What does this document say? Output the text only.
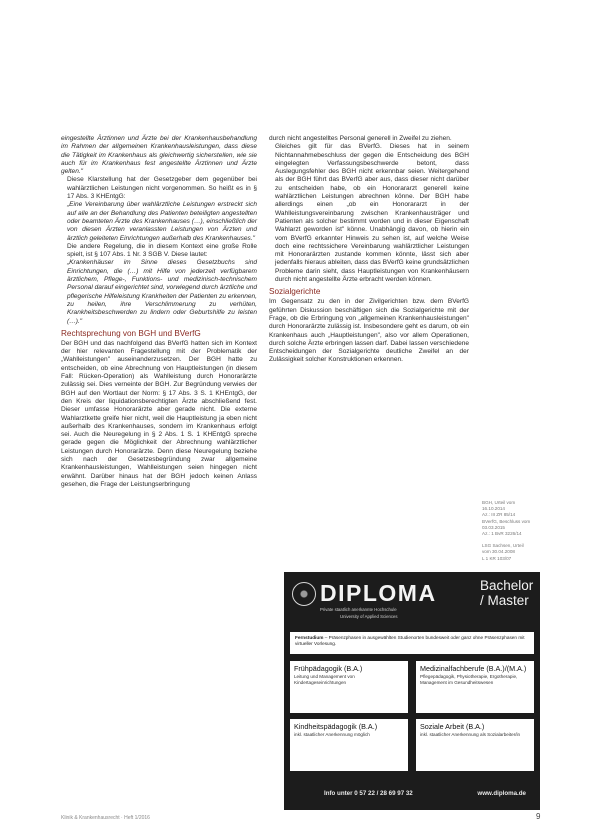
eingestellte Ärztinnen und Ärzte bei der Krankenhausbehandlung im Rahmen der allgemeinen Krankenhausleistungen, dass diese die Tätigkeit im Krankenhaus als gleichwertig sicherstellen, wie sie auch für im Krankenhaus fest angestellte Ärztinnen und Ärzte gelten."

Diese Klarstellung hat der Gesetzgeber dem gegenüber bei wahlärztlichen Leistungen nicht vorgenommen. So heißt es in § 17 Abs. 3 KHEntgG:

„Eine Vereinbarung über wahlärztliche Leistungen erstreckt sich auf alle an der Behandlung des Patienten beteiligten angestellten oder beamteten Ärzte des Krankenhauses (…), einschließlich der von diesen Ärzten veranlassten Leistungen von Ärzten und ärztlich geleiteten Einrichtungen außerhalb des Krankenhauses."

Die andere Regelung, die in diesem Kontext eine große Rolle spielt, ist § 107 Abs. 1 Nr. 3 SGB V. Diese lautet:

„Krankenhäuser im Sinne dieses Gesetzbuchs sind Einrichtungen, die (…) mit Hilfe von jederzeit verfügbarem ärztlichem, Pflege-, Funktions- und medizinisch-technischem Personal darauf eingerichtet sind, vorwiegend durch ärztliche und pflegerische Hilfeleistung Krankheiten der Patienten zu erkennen, zu heilen, ihre Verschlimmerung zu verhüten, Krankheitsbeschwerden zu lindern oder Geburtshilfe zu leisten (…)."

Rechtsprechung von BGH und BVerfG

Der BGH und das nachfolgend das BVerfG hatten sich im Kontext der hier relevanten Fragestellung mit der Problematik der „Wahlleistungen" auseinanderzusetzen. Der BGH hatte zu entscheiden, ob eine Abrechnung von Hauptleistungen (in diesem Fall: Rücken-Operation) als Wahlleistung durch Honorarärzte zulässig sei. Dies verneinte der BGH. Zur Begründung verwies der BGH auf den Wortlaut der Norm: § 17 Abs. 3 S. 1 KHEntgG, der den Kreis der liquidationsberechtigten Ärzte abschließend fest. Dieser umfasse Honorarärzte aber gerade nicht. Die externe Wahlarztkette greife hier nicht, weil die Hauptleistung ja eben nicht außerhalb des Krankenhauses, sondern im Krankenhaus erfolgt sei. Auch die Neuregelung in § 2 Abs. 1 S. 1 KHEntgG spreche gerade gegen die Möglichkeit der Abrechnung wahlärztlicher Leistungen durch Honorarärzte. Denn diese Neuregelung beziehe sich nach der Gesetzesbegründung zwar allgemeine Krankenhausleistungen, Wahlleistungen seien hingegen nicht erwähnt. Darüber hinaus hat der BGH jedoch keinen Anlass gesehen, die Frage der Leistungserbringung

durch nicht angestelltes Personal generell in Zweifel zu ziehen.

Gleiches gilt für das BVerfG. Dieses hat in seinem Nichtannahmebeschluss der gegen die Entscheidung des BGH eingelegten Verfassungsbeschwerde betont, dass Auslegungsfehler des BGH nicht erkennbar seien. Weitergehend als der BGH führt das BVerfG aber aus, dass dieser nicht darüber zu entscheiden habe, ob ein Honorararzt generell keine wahlärztlichen Leistungen abrechnen könne. Der BGH habe allerdings einen „ob ein Honorararzt in der Wahlleistungsvereinbarung zwischen Krankenhausträger und Patienten als solcher bestimmt worden und in dieser Eigenschaft Wahlarzt geworden ist" könne. Unabhängig davon, ob hierin ein vom BVerfG erkannter Hinweis zu sehen ist, auf welche Weise doch eine rechtssichere Vereinbarung wahlärztlicher Leistungen mit Honorarärzten zustande kommen könnte, lässt sich aber jedenfalls hieraus ableiten, dass das BVerfG keine grundsätzlichen Probleme darin sieht, dass Hauptleistungen von Krankenhäusern durch nicht angestellte Ärzte erbracht werden können.

Sozialgerichte

Im Gegensatz zu den in der Zivilgerichten bzw. dem BVerfG geführten Diskussion beschäftigen sich die Sozialgerichte mit der Frage, ob die Erbringung von „allgemeinen Krankenhausleistungen" durch Honorarärzte zulässig ist. Insbesondere geht es darum, ob ein Krankenhaus auch „Hauptleistungen", also vor allem Operationen, durch solche Ärzte erbringen lassen darf. Dabei lassen verschiedene Entscheidungen der Sozialgerichte deutliche Zweifel an der Zulässigkeit solcher Konstruktionen erkennen.

BGH, Urteil vom

16.10.2014

Az.: III ZR 85/14

BVerfG, Beschluss vom

03.03.2015

Az.: 1 BvR 3226/14

LSG Sachsen, Urteil

vom 30.04.2008

L 1 KR 103/07

DIPLOMA
Private staatlich anerkannte Hochschule
University of Applied Sciences
Bachelor / Master
Fernstudium – Präsenzphasen in ausgewählten Studienorten bundesweit oder ganz ohne Präsenzphasen mit virtueller Vorlesung.
Frühpädagogik (B.A.)
Leitung und Management von Kindertageseinrichtungen
Medizinalfachberufe (B.A.)/(M.A.)
Pflegepädagogik, Physiotherapie, Ergotherapie, Management im Gesundheitswesen
Kindheitspädagogik (B.A.)
inkl. staatlicher Anerkennung möglich
Soziale Arbeit (B.A.)
inkl. staatlicher Anerkennung als Sozialarbeiter/in
Info unter 0 57 22 / 28 69 97 32	www.diploma.de
Klinik & Krankenhausrecht · Heft 1/2016	9
